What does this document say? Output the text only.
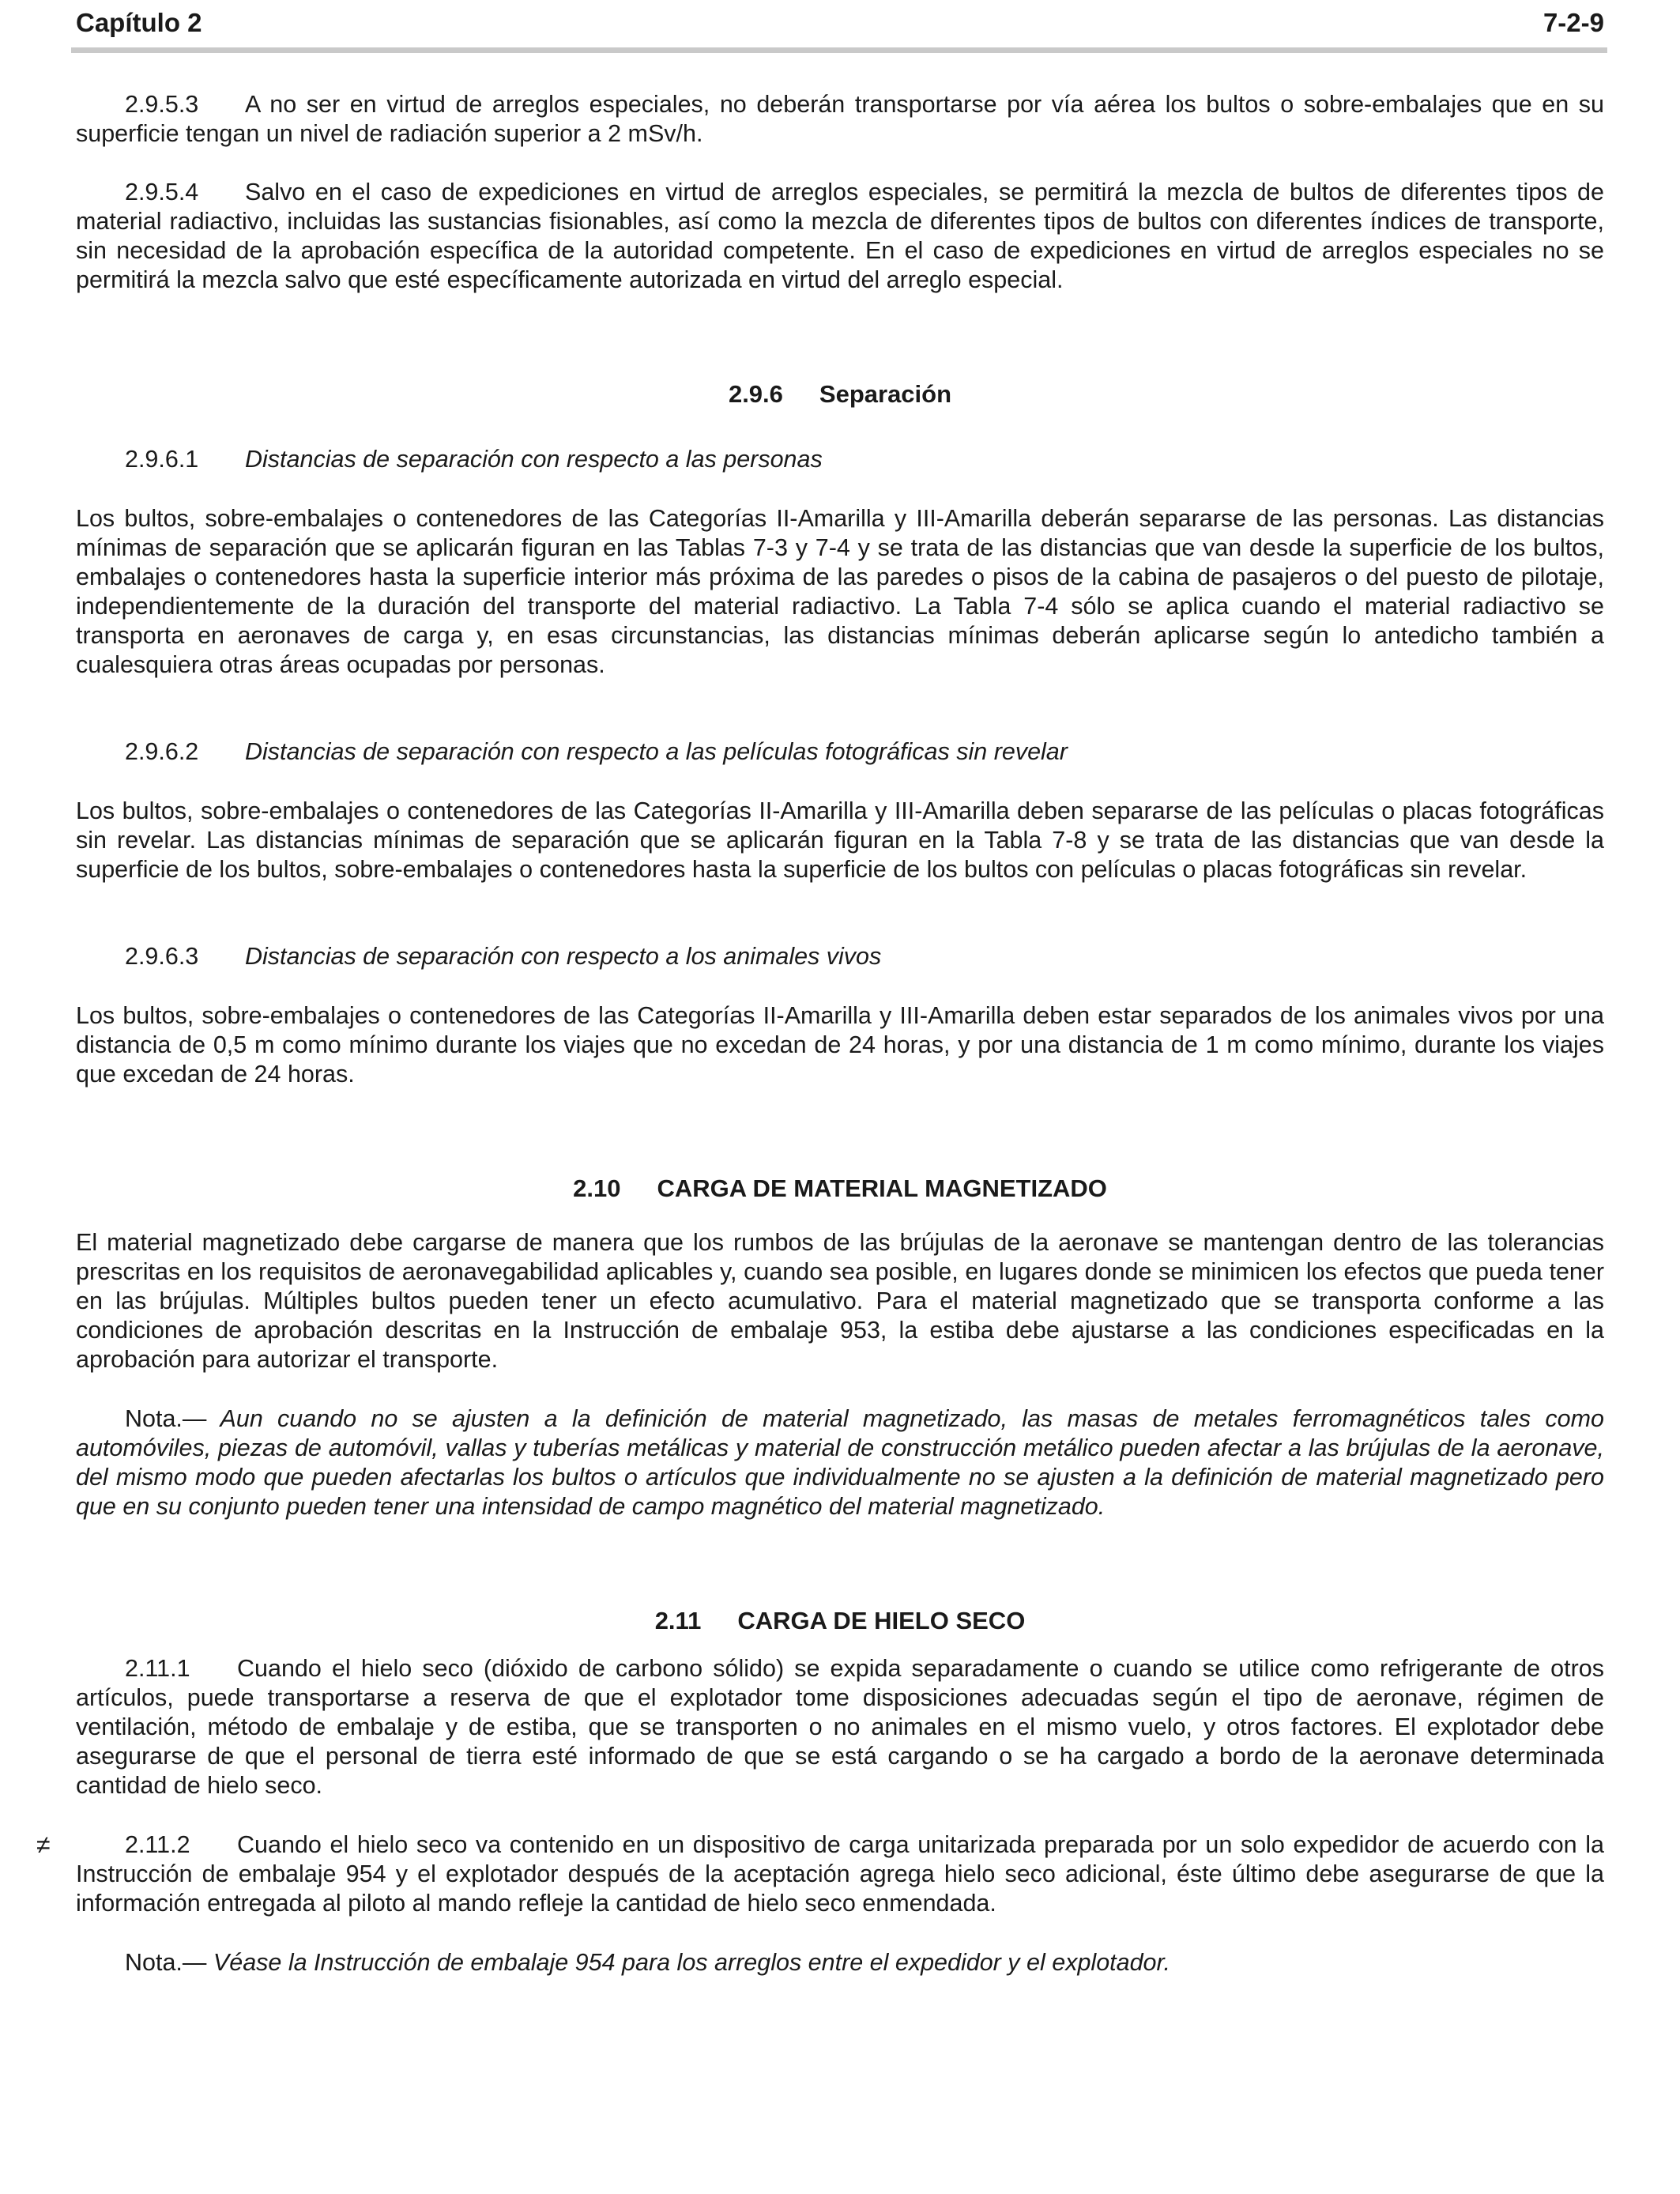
Capítulo 2	7-2-9

2.9.5.3 A no ser en virtud de arreglos especiales, no deberán transportarse por vía aérea los bultos o sobre-embalajes que en su superficie tengan un nivel de radiación superior a 2 mSv/h.

2.9.5.4 Salvo en el caso de expediciones en virtud de arreglos especiales, se permitirá la mezcla de bultos de diferentes tipos de material radiactivo, incluidas las sustancias fisionables, así como la mezcla de diferentes tipos de bultos con diferentes índices de transporte, sin necesidad de la aprobación específica de la autoridad competente. En el caso de expediciones en virtud de arreglos especiales no se permitirá la mezcla salvo que esté específicamente autorizada en virtud del arreglo especial.

2.9.6 Separación
2.9.6.1 Distancias de separación con respecto a las personas

Los bultos, sobre-embalajes o contenedores de las Categorías II-Amarilla y III-Amarilla deberán separarse de las personas. Las distancias mínimas de separación que se aplicarán figuran en las Tablas 7-3 y 7-4 y se trata de las distancias que van desde la superficie de los bultos, embalajes o contenedores hasta la superficie interior más próxima de las paredes o pisos de la cabina de pasajeros o del puesto de pilotaje, independientemente de la duración del transporte del material radiactivo. La Tabla 7-4 sólo se aplica cuando el material radiactivo se transporta en aeronaves de carga y, en esas circunstancias, las distancias mínimas deberán aplicarse según lo antedicho también a cualesquiera otras áreas ocupadas por personas.

2.9.6.2 Distancias de separación con respecto a las películas fotográficas sin revelar

Los bultos, sobre-embalajes o contenedores de las Categorías II-Amarilla y III-Amarilla deben separarse de las películas o placas fotográficas sin revelar. Las distancias mínimas de separación que se aplicarán figuran en la Tabla 7-8 y se trata de las distancias que van desde la superficie de los bultos, sobre-embalajes o contenedores hasta la superficie de los bultos con películas o placas fotográficas sin revelar.

2.9.6.3 Distancias de separación con respecto a los animales vivos

Los bultos, sobre-embalajes o contenedores de las Categorías II-Amarilla y III-Amarilla deben estar separados de los animales vivos por una distancia de 0,5 m como mínimo durante los viajes que no excedan de 24 horas, y por una distancia de 1 m como mínimo, durante los viajes que excedan de 24 horas.

2.10 CARGA DE MATERIAL MAGNETIZADO

El material magnetizado debe cargarse de manera que los rumbos de las brújulas de la aeronave se mantengan dentro de las tolerancias prescritas en los requisitos de aeronavegabilidad aplicables y, cuando sea posible, en lugares donde se minimicen los efectos que pueda tener en las brújulas. Múltiples bultos pueden tener un efecto acumulativo. Para el material magnetizado que se transporta conforme a las condiciones de aprobación descritas en la Instrucción de embalaje 953, la estiba debe ajustarse a las condiciones especificadas en la aprobación para autorizar el transporte.

Nota.— Aun cuando no se ajusten a la definición de material magnetizado, las masas de metales ferromagnéticos tales como automóviles, piezas de automóvil, vallas y tuberías metálicas y material de construcción metálico pueden afectar a las brújulas de la aeronave, del mismo modo que pueden afectarlas los bultos o artículos que individualmente no se ajusten a la definición de material magnetizado pero que en su conjunto pueden tener una intensidad de campo magnético del material magnetizado.

2.11 CARGA DE HIELO SECO

2.11.1 Cuando el hielo seco (dióxido de carbono sólido) se expida separadamente o cuando se utilice como refrigerante de otros artículos, puede transportarse a reserva de que el explotador tome disposiciones adecuadas según el tipo de aeronave, régimen de ventilación, método de embalaje y de estiba, que se transporten o no animales en el mismo vuelo, y otros factores. El explotador debe asegurarse de que el personal de tierra esté informado de que se está cargando o se ha cargado a bordo de la aeronave determinada cantidad de hielo seco.

≠	2.11.2 Cuando el hielo seco va contenido en un dispositivo de carga unitarizada preparada por un solo expedidor de acuerdo con la Instrucción de embalaje 954 y el explotador después de la aceptación agrega hielo seco adicional, éste último debe asegurarse de que la información entregada al piloto al mando refleje la cantidad de hielo seco enmendada.

Nota.— Véase la Instrucción de embalaje 954 para los arreglos entre el expedidor y el explotador.
